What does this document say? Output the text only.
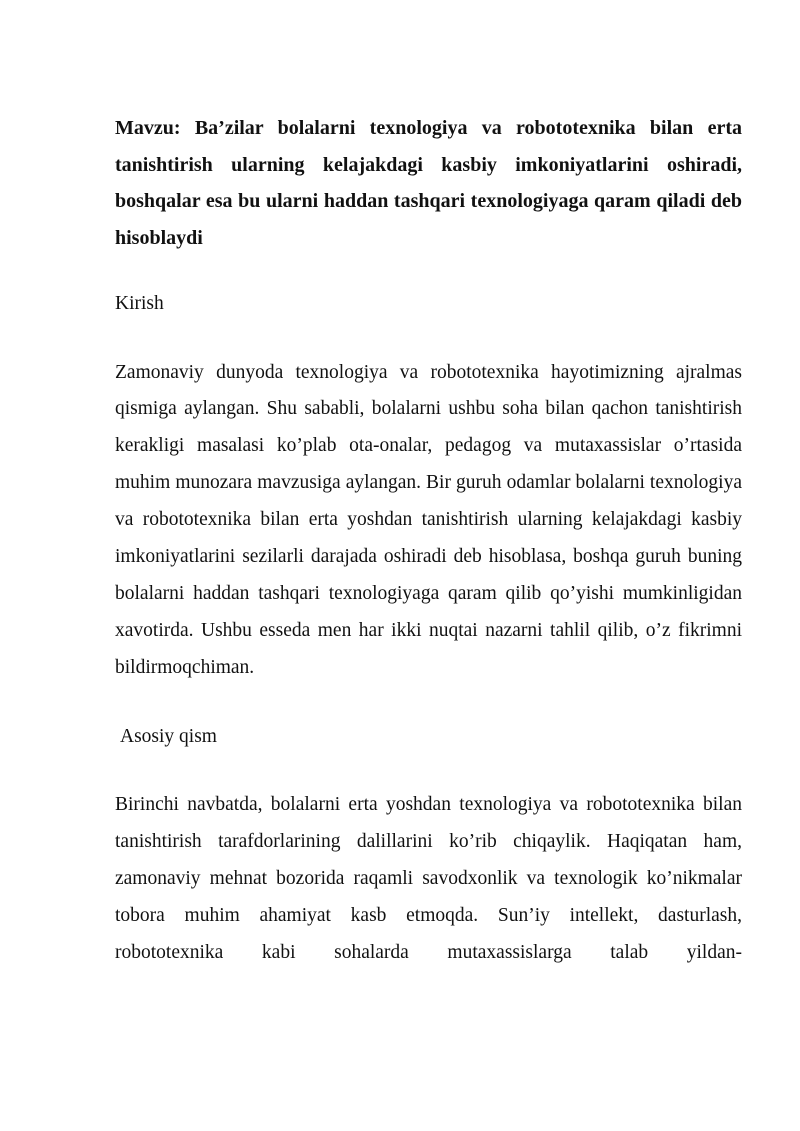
Mavzu: Ba’zilar bolalarni texnologiya va robototexnika bilan erta tanishtirish ularning kelajakdagi kasbiy imkoniyatlarini oshiradi, boshqalar esa bu ularni haddan tashqari texnologiyaga qaram qiladi deb hisoblaydi
Kirish

Zamonaviy dunyoda texnologiya va robototexnika hayotimizning ajralmas qismiga aylangan. Shu sababli, bolalarni ushbu soha bilan qachon tanishtirish kerakligi masalasi ko’plab ota-onalar, pedagog va mutaxassislar o’rtasida muhim munozara mavzusiga aylangan. Bir guruh odamlar bolalarni texnologiya va robototexnika bilan erta yoshdan tanishtirish ularning kelajakdagi kasbiy imkoniyatlarini sezilarli darajada oshiradi deb hisoblasa, boshqa guruh buning bolalarni haddan tashqari texnologiyaga qaram qilib qo’yishi mumkinligidan xavotirda. Ushbu esseda men har ikki nuqtai nazarni tahlil qilib, o’z fikrimni bildirmoqchiman.

Asosiy qism

Birinchi navbatda, bolalarni erta yoshdan texnologiya va robototexnika bilan tanishtirish tarafdorlarining dalillarini ko’rib chiqaylik. Haqiqatan ham, zamonaviy mehnat bozorida raqamli savodxonlik va texnologik ko’nikmalar tobora muhim ahamiyat kasb etmoqda. Sun’iy intellekt, dasturlash, robototexnika kabi sohalarda mutaxassislarga talab yildan-
